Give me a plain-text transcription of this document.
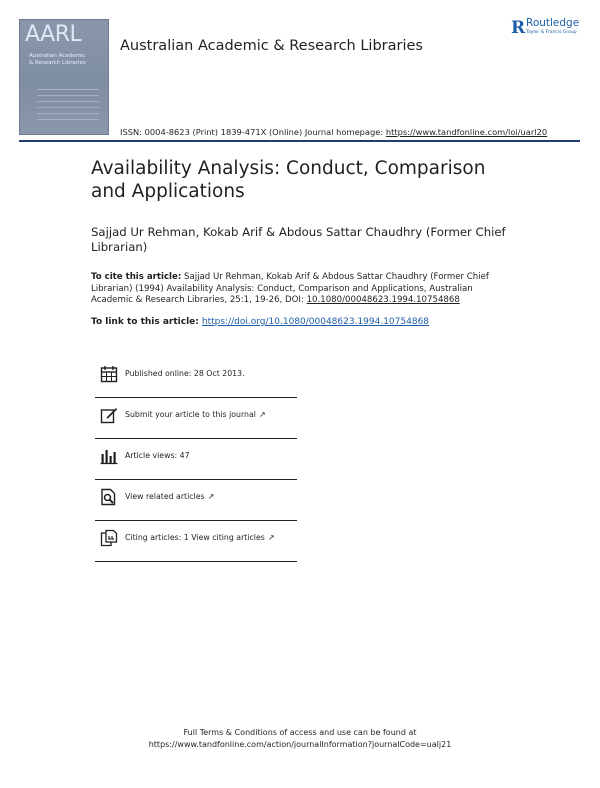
AARL
Australian Academic
& Research Libraries
Australian Academic & Research Libraries
ISSN: 0004-8623 (Print) 1839-471X (Online) Journal homepage: https://www.tandfonline.com/loi/uarl20
R Routledge
Taylor & Francis Group
Availability Analysis: Conduct, Comparison and Applications
Sajjad Ur Rehman, Kokab Arif & Abdous Sattar Chaudhry (Former Chief Librarian)
To cite this article: Sajjad Ur Rehman, Kokab Arif & Abdous Sattar Chaudhry (Former Chief Librarian) (1994) Availability Analysis: Conduct, Comparison and Applications, Australian Academic & Research Libraries, 25:1, 19-26, DOI: 10.1080/00048623.1994.10754868
To link to this article: https://doi.org/10.1080/00048623.1994.10754868
Published online: 28 Oct 2013.
Submit your article to this journal ↗
Article views: 47
View related articles ↗
Citing articles: 1 View citing articles ↗
Full Terms & Conditions of access and use can be found at
https://www.tandfonline.com/action/journalInformation?journalCode=ualj21
